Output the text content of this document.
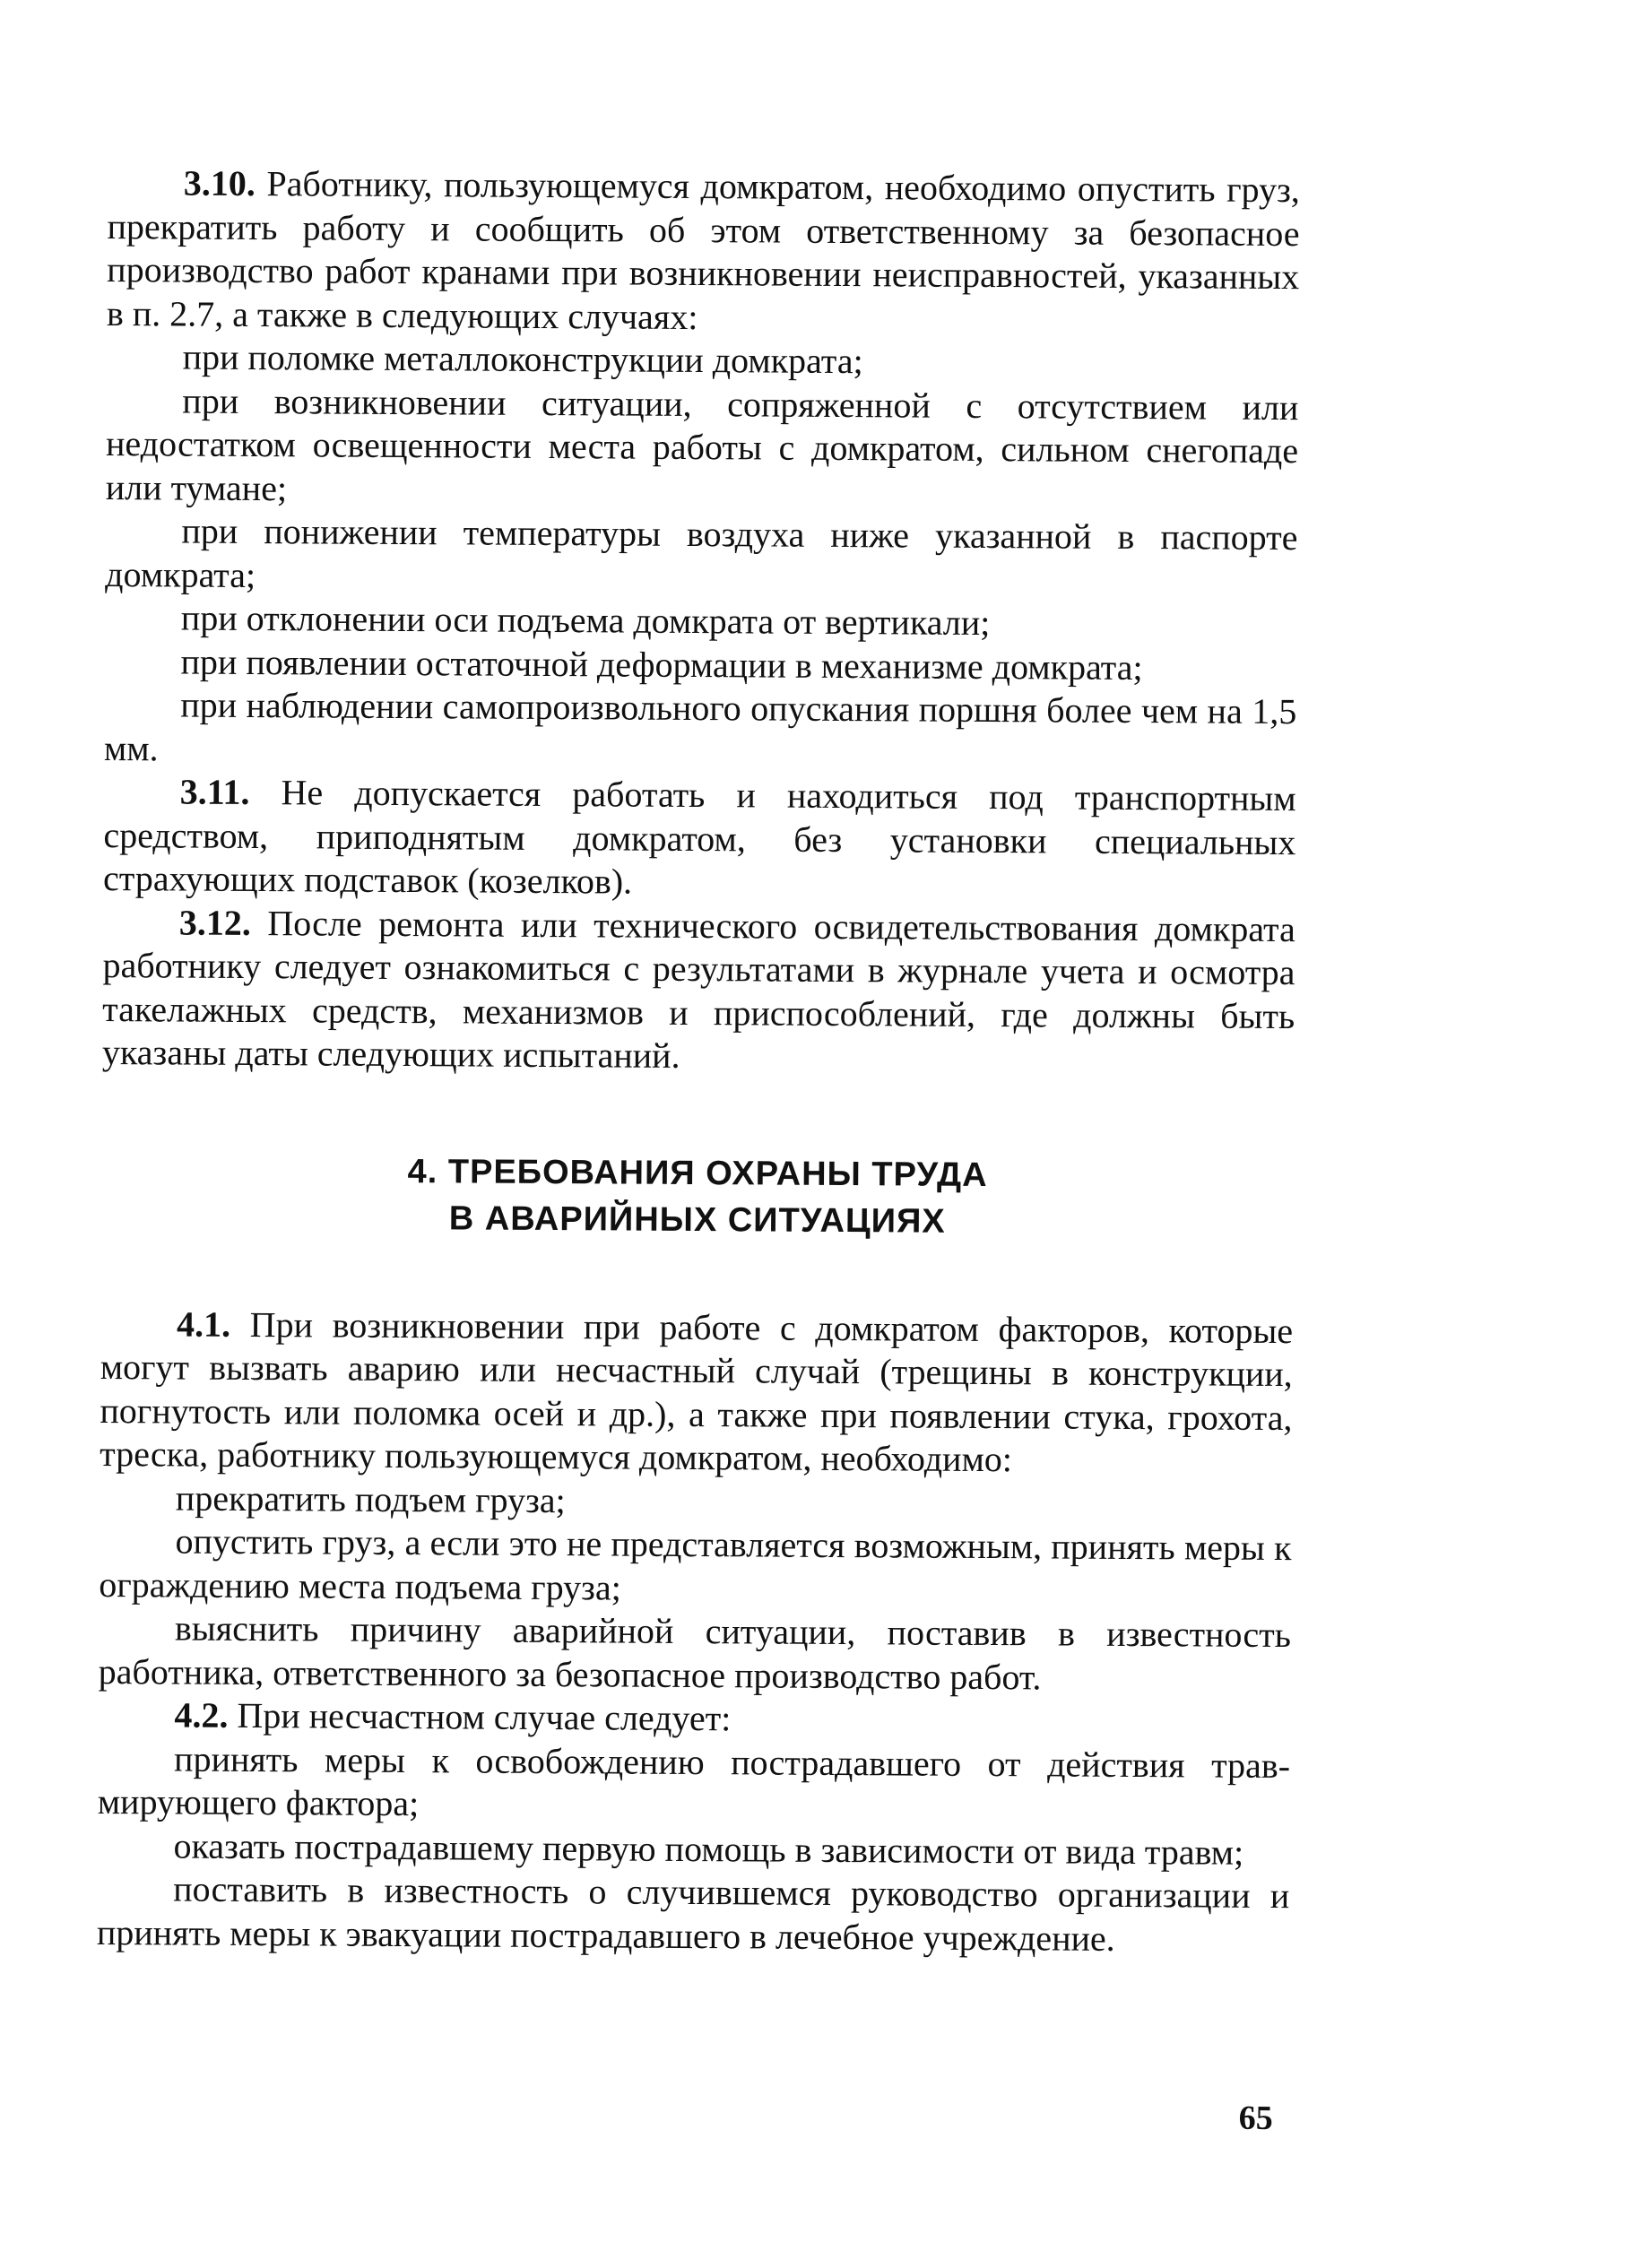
3.10. Работнику, пользующемуся домкратом, необходимо опустить груз, прекратить работу и сообщить об этом ответственному за безопасное производство работ кранами при возникновении неисправностей, указанных в п. 2.7, а также в следующих случаях:

при поломке металлоконструкции домкрата;

при возникновении ситуации, сопряженной с отсутствием или недостатком освещенности места работы с домкратом, сильном снегопаде или тумане;

при понижении температуры воздуха ниже указанной в паспорте домкрата;

при отклонении оси подъема домкрата от вертикали;

при появлении остаточной деформации в механизме домкрата;

при наблюдении самопроизвольного опускания поршня более чем на 1,5 мм.

3.11. Не допускается работать и находиться под транспортным средством, приподнятым домкратом, без установки специальных страхующих подставок (козелков).

3.12. После ремонта или технического освидетельствования домкрата работнику следует ознакомиться с результатами в журнале учета и осмотра такелажных средств, механизмов и приспособлений, где должны быть указаны даты следующих испытаний.

4. ТРЕБОВАНИЯ ОХРАНЫ ТРУДА
В АВАРИЙНЫХ СИТУАЦИЯХ

4.1. При возникновении при работе с домкратом факторов, которые могут вызвать аварию или несчастный случай (трещины в конструкции, погнутость или поломка осей и др.), а также при появлении стука, грохота, треска, работнику пользующемуся домкратом, необходимо:

прекратить подъем груза;

опустить груз, а если это не представляется возможным, принять меры к ограждению места подъема груза;

выяснить причину аварийной ситуации, поставив в известность работника, ответственного за безопасное производство работ.

4.2. При несчастном случае следует:

принять меры к освобождению пострадавшего от действия травмирующего фактора;

оказать пострадавшему первую помощь в зависимости от вида травм;

поставить в известность о случившемся руководство организации и принять меры к эвакуации пострадавшего в лечебное учреждение.

65
